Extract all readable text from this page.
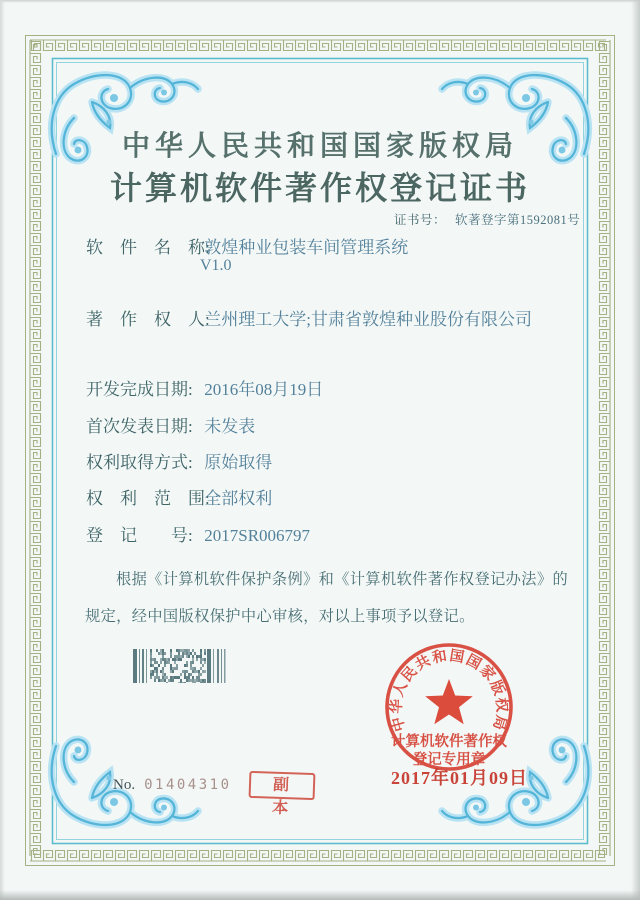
中华人民共和国国家版权局
计算机软件著作权登记证书
证书号： 软著登字第1592081号
软　件　名　称: 敦煌种业包装车间管理系统
V1.0
著　作　权　人: 兰州理工大学;甘肃省敦煌种业股份有限公司
开发完成日期: 2016年08月19日
首次发表日期: 未发表
权利取得方式: 原始取得
权　利　范　围: 全部权利
登　记　　号: 2017SR006797
根据《计算机软件保护条例》和《计算机软件著作权登记办法》的
规定，经中国版权保护中心审核，对以上事项予以登记。
中华人民共和国国家版权局
计算机软件著作权
登记专用章
2017年01月09日
No. 01404310	副 本
